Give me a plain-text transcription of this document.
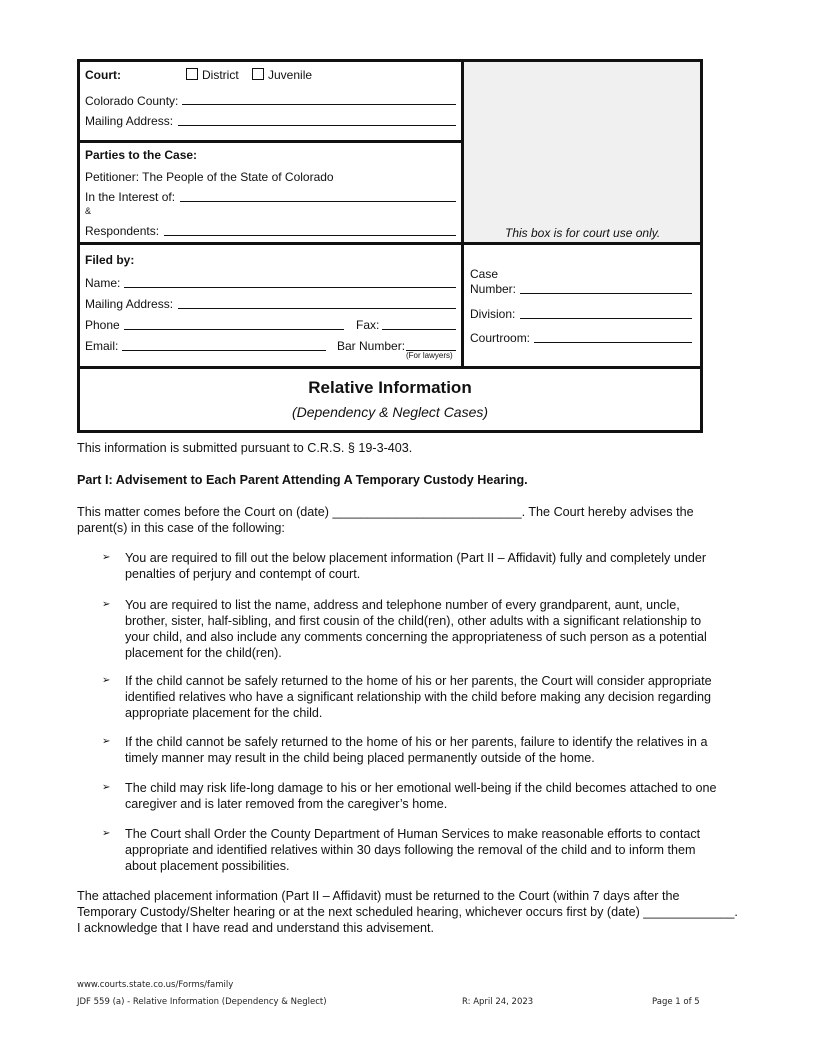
This box is for court use only.
Court:	District	Juvenile
Colorado County:
Mailing Address:
Parties to the Case:
Petitioner: The People of the State of Colorado
In the Interest of:
&
Respondents:
Filed by:
Name:
Mailing Address:
Phone	Fax:
Email:	Bar Number:
(For lawyers)
Case
Number:
Division:
Courtroom:
Relative Information
(Dependency & Neglect Cases)
This information is submitted pursuant to C.R.S. § 19-3-403.
Part I: Advisement to Each Parent Attending A Temporary Custody Hearing.
This matter comes before the Court on (date) ___________________________. The Court hereby advises the parent(s) in this case of the following:
➢ You are required to fill out the below placement information (Part II – Affidavit) fully and completely under penalties of perjury and contempt of court.
➢ You are required to list the name, address and telephone number of every grandparent, aunt, uncle, brother, sister, half-sibling, and first cousin of the child(ren), other adults with a significant relationship to your child, and also include any comments concerning the appropriateness of such person as a potential placement for the child(ren).
➢ If the child cannot be safely returned to the home of his or her parents, the Court will consider appropriate identified relatives who have a significant relationship with the child before making any decision regarding appropriate placement for the child.
➢ If the child cannot be safely returned to the home of his or her parents, failure to identify the relatives in a timely manner may result in the child being placed permanently outside of the home.
➢ The child may risk life-long damage to his or her emotional well-being if the child becomes attached to one caregiver and is later removed from the caregiver’s home.
➢ The Court shall Order the County Department of Human Services to make reasonable efforts to contact appropriate and identified relatives within 30 days following the removal of the child and to inform them about placement possibilities.
The attached placement information (Part II – Affidavit) must be returned to the Court (within 7 days after the Temporary Custody/Shelter hearing or at the next scheduled hearing, whichever occurs first by (date) _____________. I acknowledge that I have read and understand this advisement.
www.courts.state.co.us/Forms/family
JDF 559 (a) - Relative Information (Dependency & Neglect)	R: April 24, 2023	Page 1 of 5
